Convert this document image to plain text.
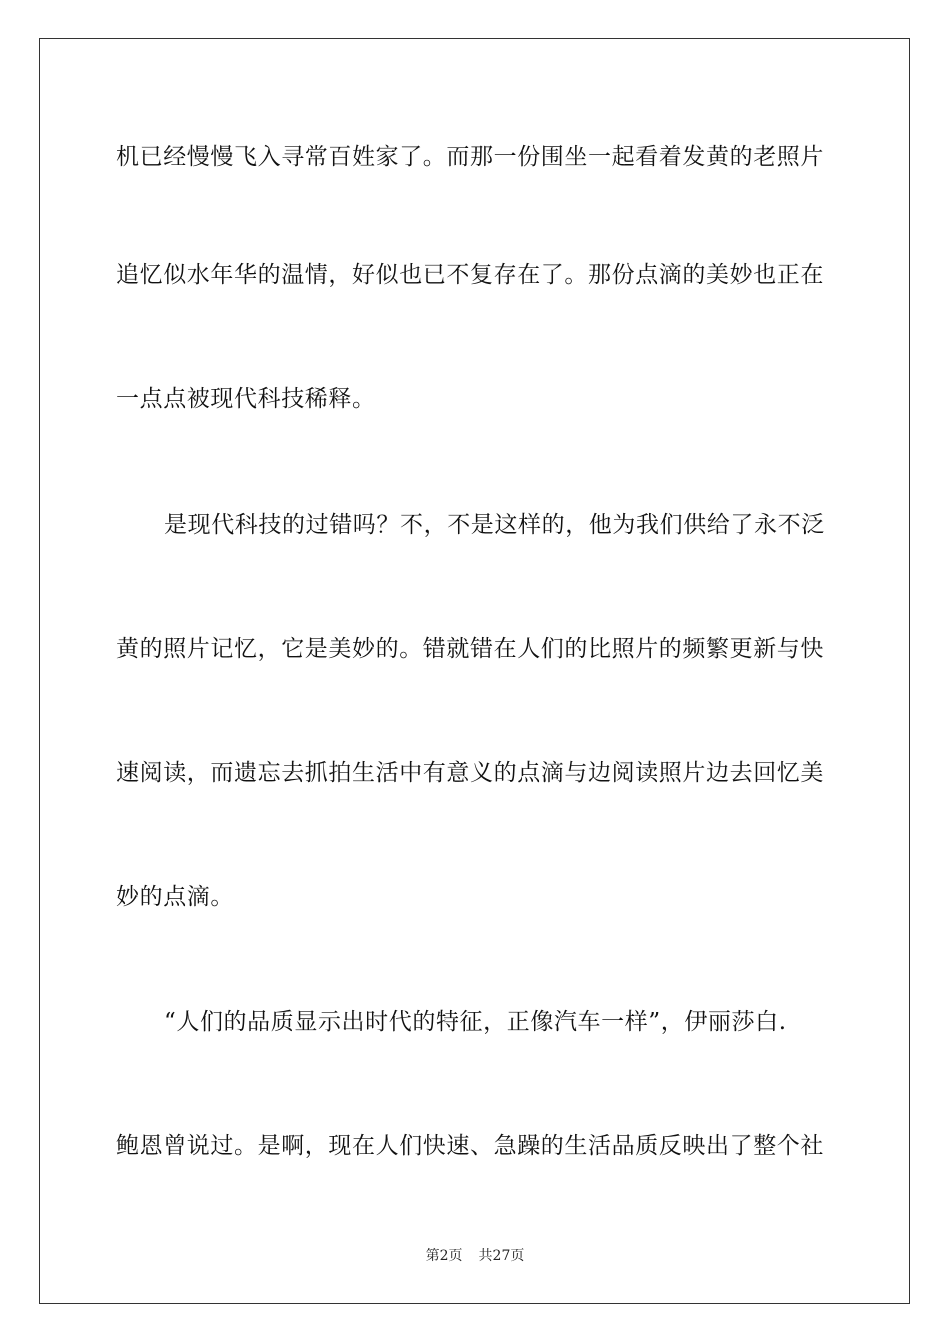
机已经慢慢飞入寻常百姓家了。而那一份围坐一起看着发黄的老照片
追忆似水年华的温情，好似也已不复存在了。那份点滴的美妙也正在
一点点被现代科技稀释。
是现代科技的过错吗？不，不是这样的，他为我们供给了永不泛
黄的照片记忆，它是美妙的。错就错在人们的比照片的频繁更新与快
速阅读，而遗忘去抓拍生活中有意义的点滴与边阅读照片边去回忆美
妙的点滴。
“人们的品质显示出时代的特征，正像汽车一样”，伊丽莎白.
鲍恩曾说过。是啊，现在人们快速、急躁的生活品质反映出了整个社
第2页 共27页
